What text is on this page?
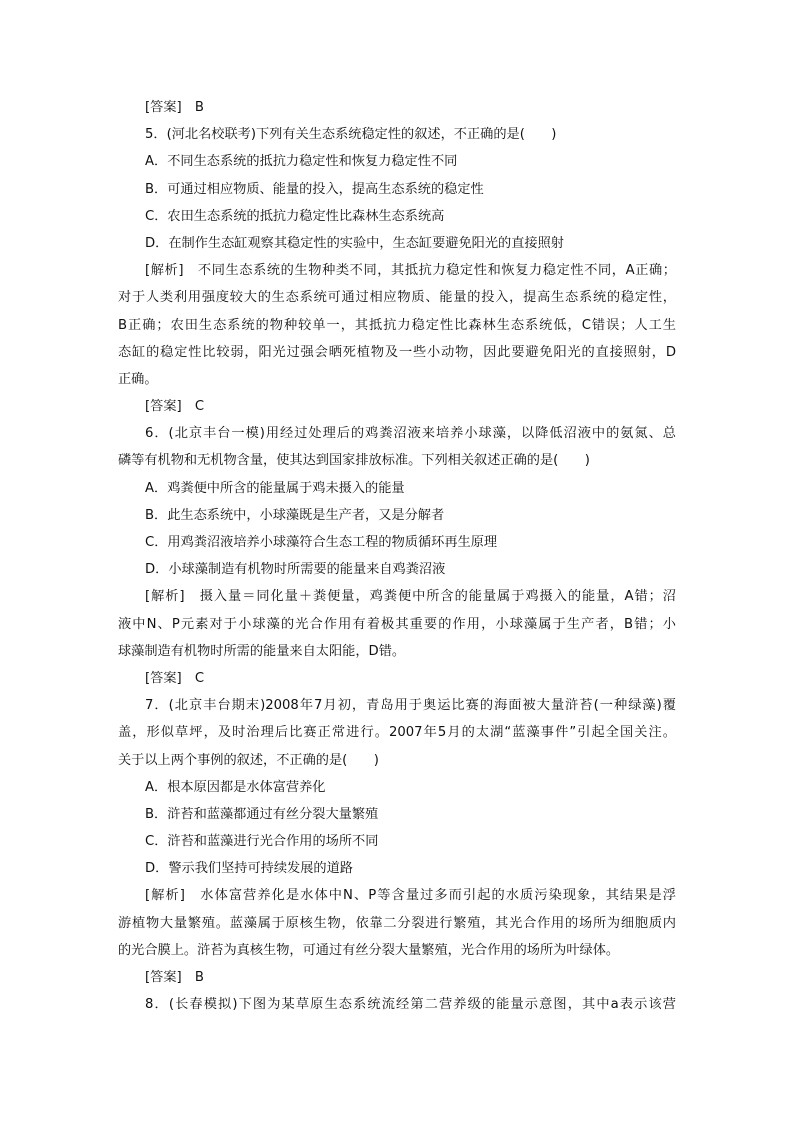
[答案]　B
5．(河北名校联考)下列有关生态系统稳定性的叙述，不正确的是(　　)
A．不同生态系统的抵抗力稳定性和恢复力稳定性不同
B．可通过相应物质、能量的投入，提高生态系统的稳定性
C．农田生态系统的抵抗力稳定性比森林生态系统高
D．在制作生态缸观察其稳定性的实验中，生态缸要避免阳光的直接照射
[解析]　不同生态系统的生物种类不同，其抵抗力稳定性和恢复力稳定性不同，A正确；
对于人类利用强度较大的生态系统可通过相应物质、能量的投入，提高生态系统的稳定性，
B正确；农田生态系统的物种较单一，其抵抗力稳定性比森林生态系统低，C错误；人工生
态缸的稳定性比较弱，阳光过强会晒死植物及一些小动物，因此要避免阳光的直接照射，D
正确。
[答案]　C
6．(北京丰台一模)用经过处理后的鸡粪沼液来培养小球藻，以降低沼液中的氨氮、总
磷等有机物和无机物含量，使其达到国家排放标准。下列相关叙述正确的是(　　)
A．鸡粪便中所含的能量属于鸡未摄入的能量
B．此生态系统中，小球藻既是生产者，又是分解者
C．用鸡粪沼液培养小球藻符合生态工程的物质循环再生原理
D．小球藻制造有机物时所需要的能量来自鸡粪沼液
[解析]　摄入量＝同化量＋粪便量，鸡粪便中所含的能量属于鸡摄入的能量，A错；沼
液中N、P元素对于小球藻的光合作用有着极其重要的作用，小球藻属于生产者，B错；小
球藻制造有机物时所需的能量来自太阳能，D错。
[答案]　C
7．(北京丰台期末)2008年7月初，青岛用于奥运比赛的海面被大量浒苔(一种绿藻)覆
盖，形似草坪，及时治理后比赛正常进行。2007年5月的太湖“蓝藻事件”引起全国关注。
关于以上两个事例的叙述，不正确的是(　　)
A．根本原因都是水体富营养化
B．浒苔和蓝藻都通过有丝分裂大量繁殖
C．浒苔和蓝藻进行光合作用的场所不同
D．警示我们坚持可持续发展的道路
[解析]　水体富营养化是水体中N、P等含量过多而引起的水质污染现象，其结果是浮
游植物大量繁殖。蓝藻属于原核生物，依靠二分裂进行繁殖，其光合作用的场所为细胞质内
的光合膜上。浒苔为真核生物，可通过有丝分裂大量繁殖，光合作用的场所为叶绿体。
[答案]　B
8．(长春模拟)下图为某草原生态系统流经第二营养级的能量示意图，其中a表示该营
